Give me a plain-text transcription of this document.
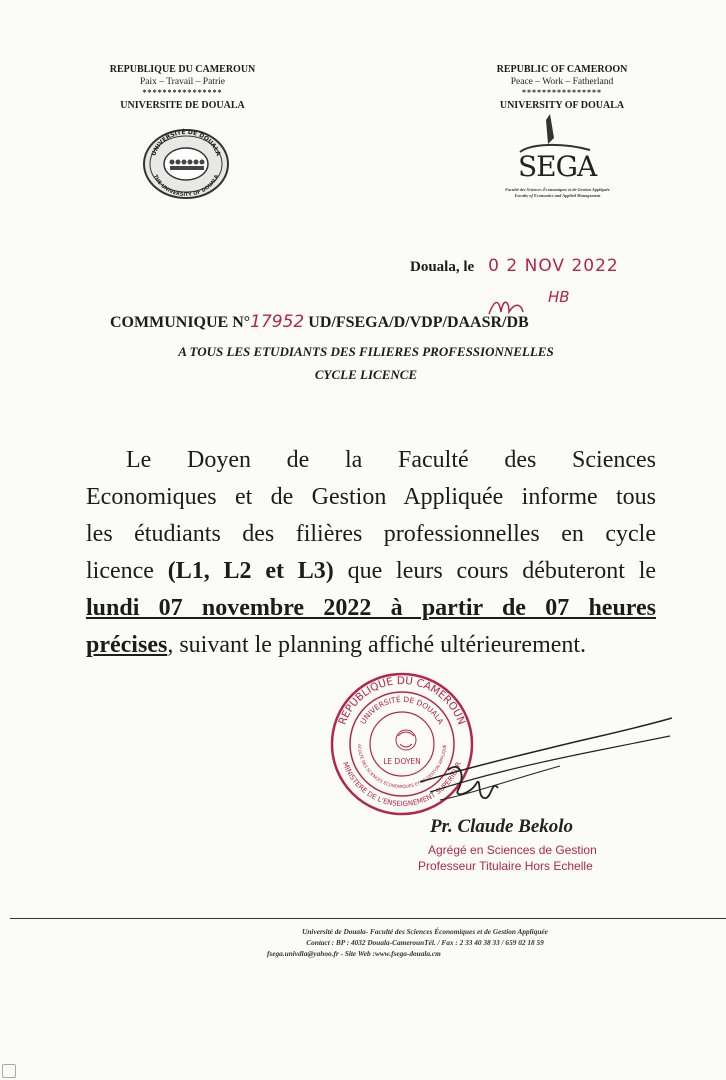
REPUBLIQUE DU CAMEROUN
Paix – Travail – Patrie
****************
UNIVERSITE DE DOUALA
UNIVERSITÉ DE DOUALA
THE UNIVERSITY OF DOUALA
REPUBLIC OF CAMEROON
Peace – Work – Fatherland
****************
UNIVERSITY OF DOUALA
SEGA
Faculté des Sciences Économiques et de Gestion Appliquée
Faculty of Economics and Applied Management
Douala, le 0 2 NOV 2022
COMMUNIQUE N°17952 UD/FSEGA/D/VDP/DAASR/DB
HB
A TOUS LES ETUDIANTS DES FILIERES PROFESSIONNELLES
CYCLE LICENCE
Le Doyen de la Faculté des Sciences
Economiques et de Gestion Appliquée informe tous
les étudiants des filières professionnelles en cycle
licence (L1, L2 et L3) que leurs cours débuteront le
lundi 07 novembre 2022 à partir de 07 heures
précises, suivant le planning affiché ultérieurement.
REPUBLIQUE DU CAMEROUN
MINISTERE DE L'ENSEIGNEMENT SUPERIEUR
UNIVERSITÉ DE DOUALA
ACULTÉ DES SCIENCES ÉCONOMIQUES ET DE GESTION APPLIQUÉ
LE DOYEN
Pr. Claude Bekolo
Agrégé en Sciences de Gestion
Professeur Titulaire Hors Echelle
Université de Douala- Faculté des Sciences Économiques et de Gestion Appliquée
Contact : BP : 4032 Douala-CamerounTél. / Fax : 2 33 40 38 33 / 659 02 18 59
fsega.univdla@yahoo.fr - Site Web :www.fsega-douala.cm
